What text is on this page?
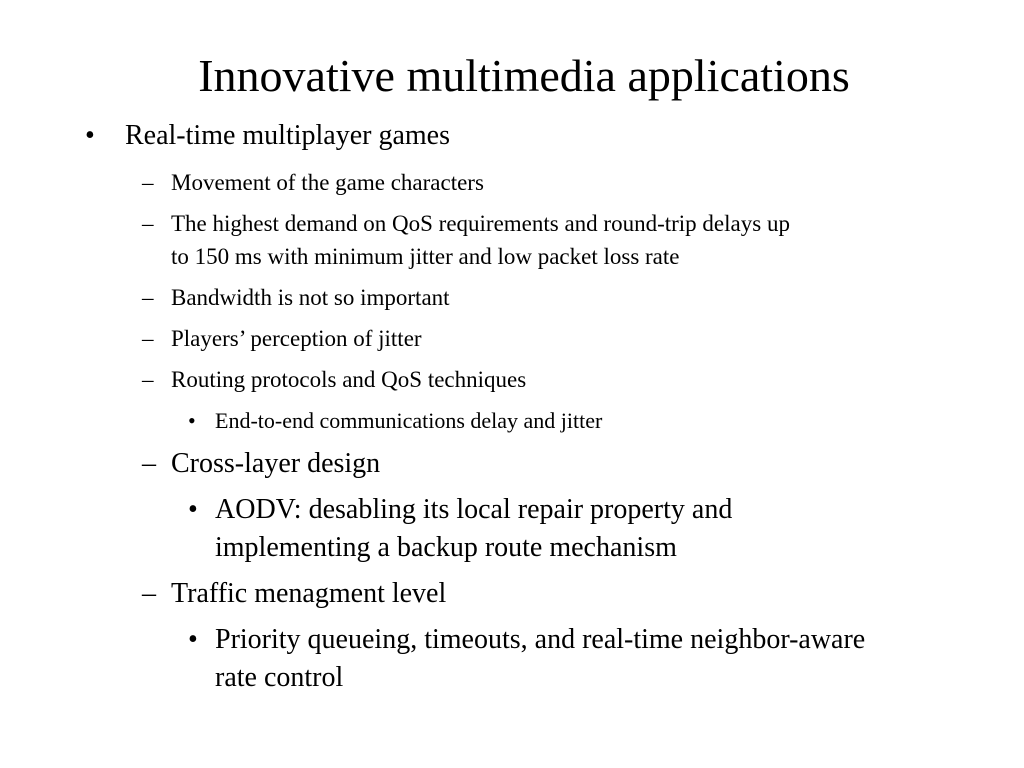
Innovative multimedia applications
• Real-time multiplayer games
– Movement of the game characters
– The highest demand on QoS requirements and round-trip delays up
to 150 ms with minimum jitter and low packet loss rate
– Bandwidth is not so important
– Players’ perception of jitter
– Routing protocols and QoS techniques
• End-to-end communications delay and jitter
– Cross-layer design
• AODV: desabling its local repair property and
implementing a backup route mechanism
– Traffic menagment level
• Priority queueing, timeouts, and real-time neighbor-aware
rate control
